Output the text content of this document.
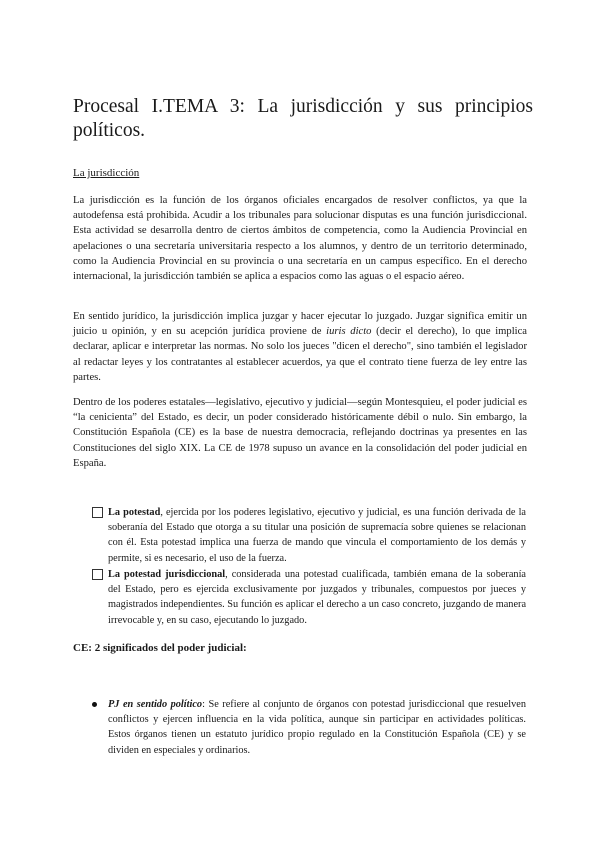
Procesal I.TEMA 3: La jurisdicción y sus principios políticos.

La jurisdicción

La jurisdicción es la función de los órganos oficiales encargados de resolver conflictos, ya que la autodefensa está prohibida. Acudir a los tribunales para solucionar disputas es una función jurisdiccional. Esta actividad se desarrolla dentro de ciertos ámbitos de competencia, como la Audiencia Provincial en apelaciones o una secretaría universitaria respecto a los alumnos, y dentro de un territorio determinado, como la Audiencia Provincial en su provincia o una secretaría en un campus específico. En el derecho internacional, la jurisdicción también se aplica a espacios como las aguas o el espacio aéreo.

En sentido jurídico, la jurisdicción implica juzgar y hacer ejecutar lo juzgado. Juzgar significa emitir un juicio u opinión, y en su acepción jurídica proviene de iuris dicto (decir el derecho), lo que implica declarar, aplicar e interpretar las normas. No solo los jueces "dicen el derecho", sino también el legislador al redactar leyes y los contratantes al establecer acuerdos, ya que el contrato tiene fuerza de ley entre las partes.

Dentro de los poderes estatales—legislativo, ejecutivo y judicial—según Montesquieu, el poder judicial es “la cenicienta” del Estado, es decir, un poder considerado históricamente débil o nulo. Sin embargo, la Constitución Española (CE) es la base de nuestra democracia, reflejando doctrinas ya presentes en las Constituciones del siglo XIX. La CE de 1978 supuso un avance en la consolidación del poder judicial en España.

La potestad, ejercida por los poderes legislativo, ejecutivo y judicial, es una función derivada de la soberanía del Estado que otorga a su titular una posición de supremacía sobre quienes se relacionan con él. Esta potestad implica una fuerza de mando que vincula el comportamiento de los demás y permite, si es necesario, el uso de la fuerza.
La potestad jurisdiccional, considerada una potestad cualificada, también emana de la soberanía del Estado, pero es ejercida exclusivamente por juzgados y tribunales, compuestos por jueces y magistrados independientes. Su función es aplicar el derecho a un caso concreto, juzgando de manera irrevocable y, en su caso, ejecutando lo juzgado.

CE: 2 significados del poder judicial:

PJ en sentido político: Se refiere al conjunto de órganos con potestad jurisdiccional que resuelven conflictos y ejercen influencia en la vida política, aunque sin participar en actividades políticas. Estos órganos tienen un estatuto jurídico propio regulado en la Constitución Española (CE) y se dividen en especiales y ordinarios.
